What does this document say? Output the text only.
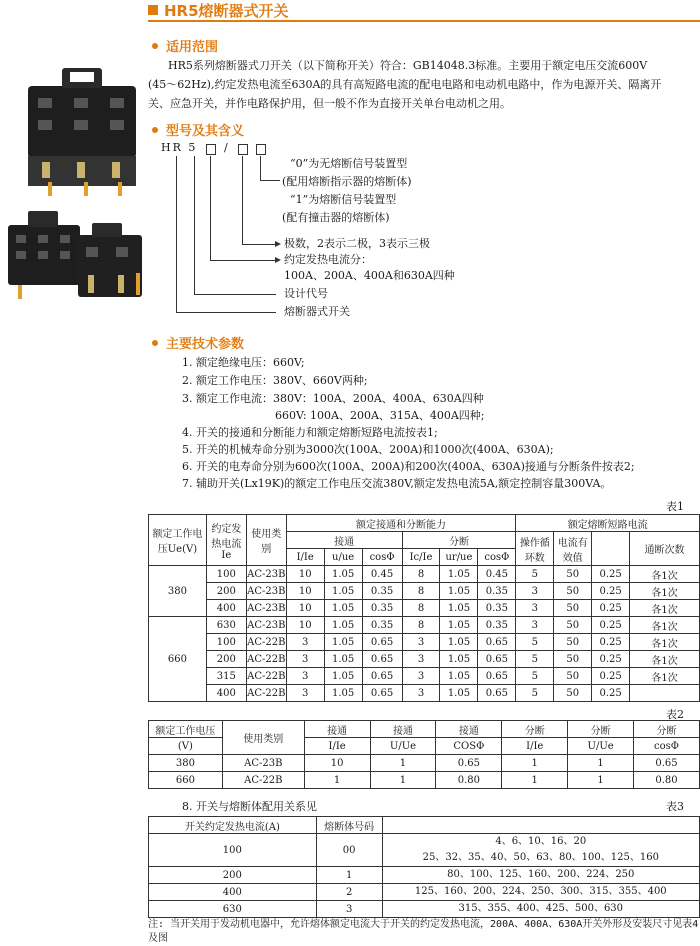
HR5熔断器式开关
适用范围
HR5系列熔断器式刀开关（以下简称开关）符合：GB14048.3标准。主要用于额定电压交流600V
(45～62Hz),约定发热电流至630A的具有高短路电流的配电电路和电动机电路中，作为电源开关、隔离开
关、应急开关，并作电路保护用，但一般不作为直接开关单台电动机之用。
型号及其含义
HR 5 /
“0”为无熔断信号装置型
(配用熔断指示器的熔断体)
“1”为熔断信号装置型
(配有撞击器的熔断体)
极数，2表示二极，3表示三极
约定发热电流分：
100A、200A、400A和630A四种
设计代号
熔断器式开关
主要技术参数
1. 额定绝缘电压：660V;
2. 额定工作电压：380V、660V两种;
3. 额定工作电流：380V：100A、200A、400A、630A四种
660V: 100A、200A、315A、400A四种;
4. 开关的接通和分断能力和额定熔断短路电流按表1;
5. 开关的机械寿命分别为3000次(100A、200A)和1000次(400A、630A);
6. 开关的电寿命分别为600次(100A、200A)和200次(400A、630A)接通与分断条件按表2;
7. 辅助开关(Lx19K)的额定工作电压交流380V,额定发热电流5A,额定控制容量300VA。
表1
额定工作电压Ue(V)	约定发热电流Ie	使用类别	额定接通和分断能力						额定熔断短路电流			
			接通			分断			操作循环数	电流有效值		通断次数
			I/Ie	u/ue	cosΦ	Ic/Ie	ur/ue	cosΦ				
380	100	AC-23B	10	1.05	0.45	8	1.05	0.45	5	50	0.25	各1次
	200	AC-23B	10	1.05	0.35	8	1.05	0.35	3	50	0.25	各1次
	400	AC-23B	10	1.05	0.35	8	1.05	0.35	3	50	0.25	各1次
660	630	AC-23B	10	1.05	0.35	8	1.05	0.35	3	50	0.25	各1次
	100	AC-22B	3	1.05	0.65	3	1.05	0.65	5	50	0.25	各1次
	200	AC-22B	3	1.05	0.65	3	1.05	0.65	5	50	0.25	各1次
	315	AC-22B	3	1.05	0.65	3	1.05	0.65	5	50	0.25	各1次
	400	AC-22B	3	1.05	0.65	3	1.05	0.65	5	50	0.25	
表2
额定工作电压	使用类别	接通	接通	接通	分断	分断	分断
(V)		I/Ie	U/Ue	COSΦ	I/Ie	U/Ue	cosΦ
380	AC-23B	10	1	0.65	1	1	0.65
660	AC-22B	1	1	0.80	1	1	0.80
8. 开关与熔断体配用关系见	表3
开关约定发热电流(A)	熔断体号码	
100	00	4、6、10、16、20
25、32、35、40、50、63、80、100、125、160

200	1	80、100、125、160、200、224、250

400	2	125、160、200、224、250、300、315、355、400

630	3	315、355、400、425、500、630
注: 当开关用于发动机电器中，允许熔体额定电流大于开关的约定发热电流，200A、400A、630A开关外形及安装尺寸见表4及图
